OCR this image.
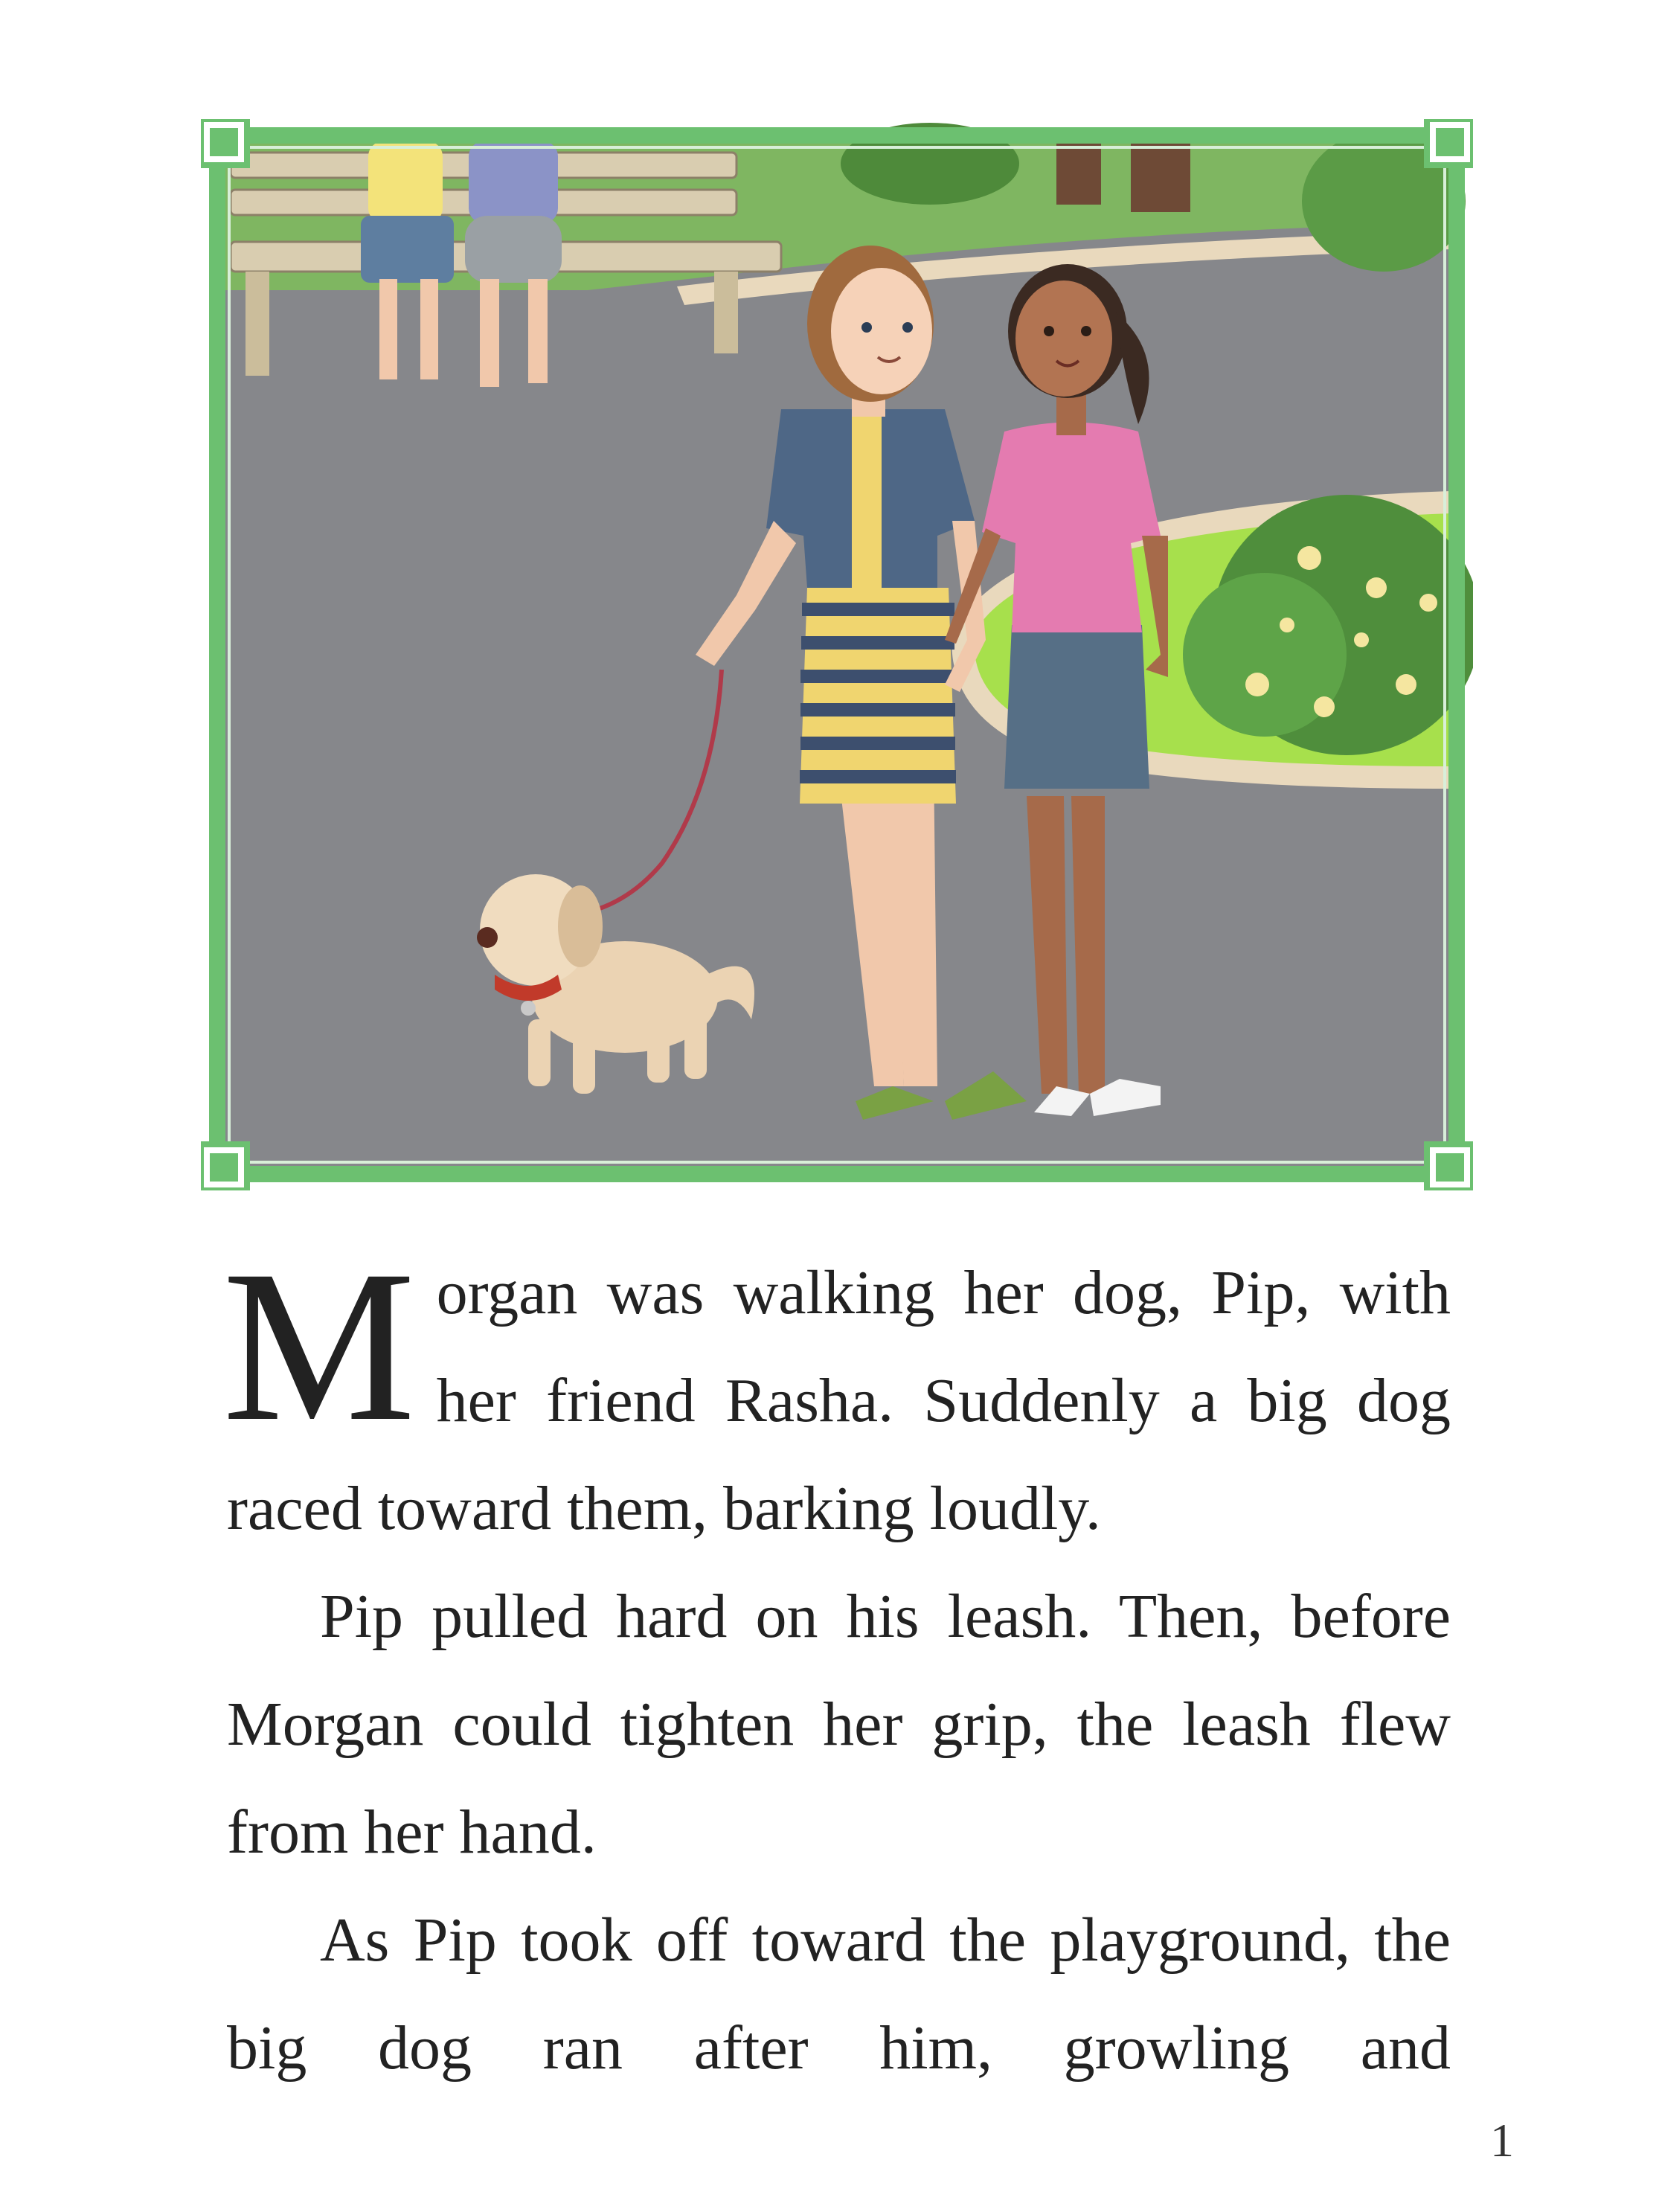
Morgan was walking her dog, Pip, with her friend Rasha. Suddenly a big dog raced toward them, barking loudly.

Pip pulled hard on his leash. Then, before Morgan could tighten her grip, the leash flew from her hand.

As Pip took off toward the playground, the big dog ran after him, growling and

1
